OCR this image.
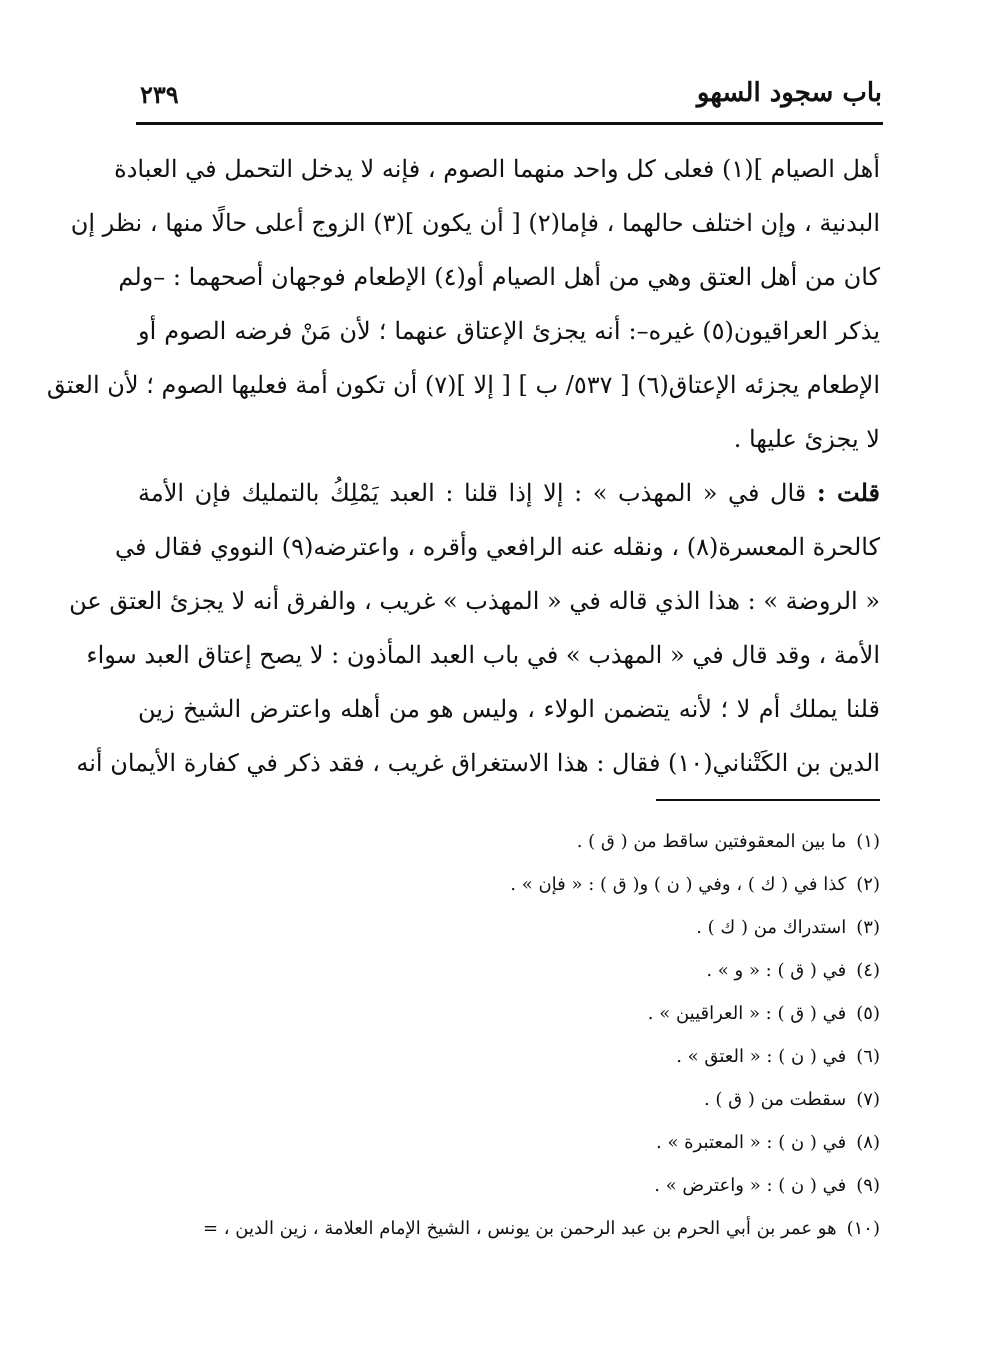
باب سجود السهو
٢٣٩
أهل الصيام ](١) فعلى كل واحد منهما الصوم ، فإنه لا يدخل التحمل في العبادة
البدنية ، وإن اختلف حالهما ، فإما(٢) [ أن يكون ](٣) الزوج أعلى حالًا منها ، نظر إن
كان من أهل العتق وهي من أهل الصيام أو(٤) الإطعام فوجهان أصحهما : –ولم
يذكر العراقيون(٥) غيره–: أنه يجزئ الإعتاق عنهما ؛ لأن مَنْ فرضه الصوم أو
الإطعام يجزئه الإعتاق(٦) [ ٥٣٧/ ب ] [ إلا ](٧) أن تكون أمة فعليها الصوم ؛ لأن العتق
لا يجزئ عليها .
قلت : قال في « المهذب » : إلا إذا قلنا : العبد يَمْلِكُ بالتمليك فإن الأمة
كالحرة المعسرة(٨) ، ونقله عنه الرافعي وأقره ، واعترضه(٩) النووي فقال في
« الروضة » : هذا الذي قاله في « المهذب » غريب ، والفرق أنه لا يجزئ العتق عن
الأمة ، وقد قال في « المهذب » في باب العبد المأذون : لا يصح إعتاق العبد سواء
قلنا يملك أم لا ؛ لأنه يتضمن الولاء ، وليس هو من أهله واعترض الشيخ زين
الدين بن الكَتْناني(١٠) فقال : هذا الاستغراق غريب ، فقد ذكر في كفارة الأيمان أنه
(١)ما بين المعقوفتين ساقط من ( ق ) .
(٢)كذا في ( ك ) ، وفي ( ن ) و( ق ) : « فإن » .
(٣)استدراك من ( ك ) .
(٤)في ( ق ) : « و » .
(٥)في ( ق ) : « العراقيين » .
(٦)في ( ن ) : « العتق » .
(٧)سقطت من ( ق ) .
(٨)في ( ن ) : « المعتبرة » .
(٩)في ( ن ) : « واعترض » .
(١٠)هو عمر بن أبي الحرم بن عبد الرحمن بن يونس ، الشيخ الإمام العلامة ، زين الدين ، =
